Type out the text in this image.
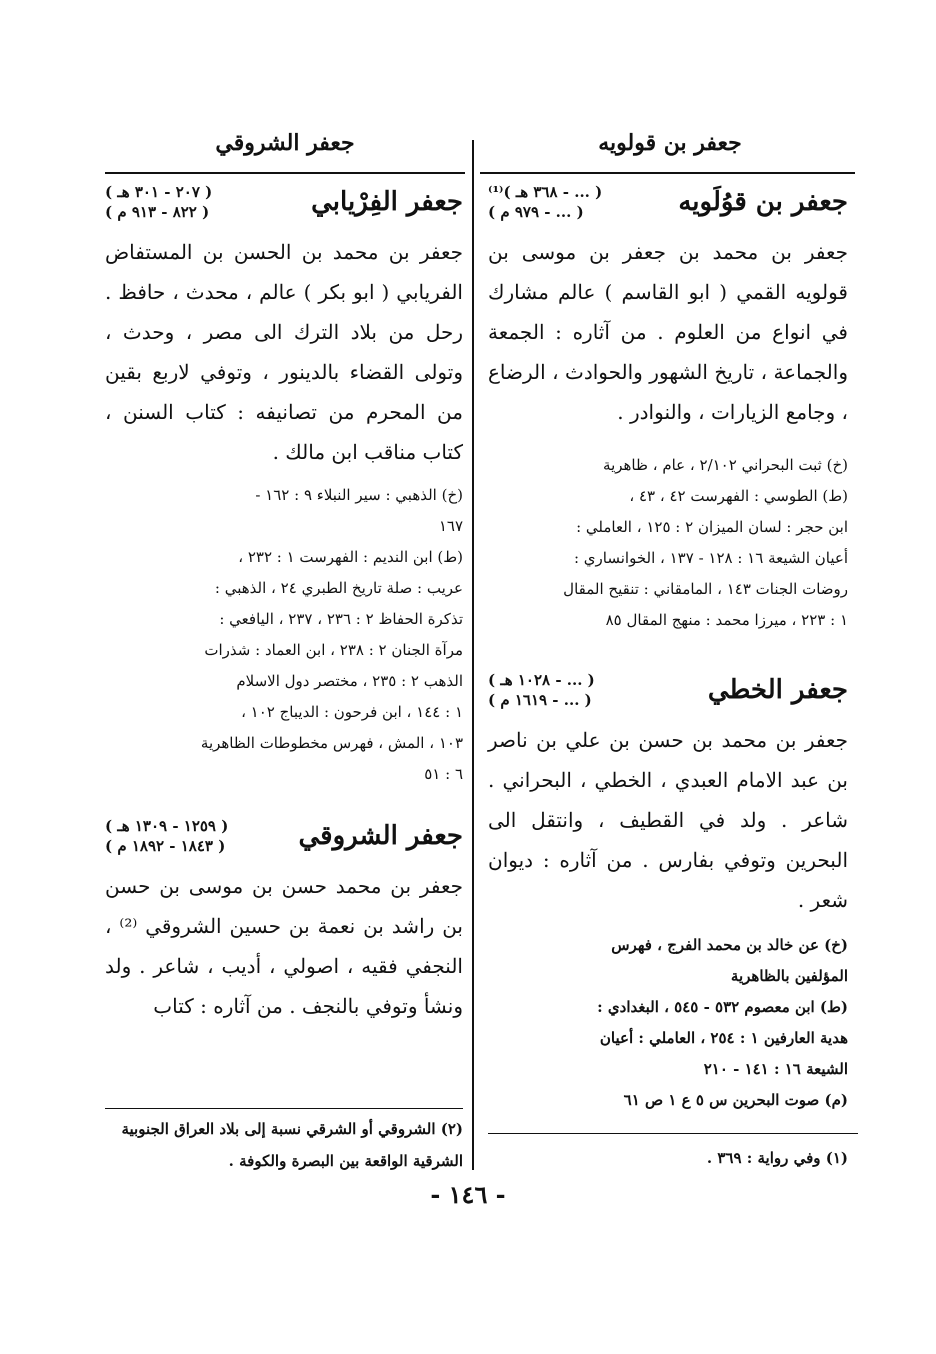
جعفر بن قولويه
جعفر الشروقي
جعفر بن قوُلَويه
( ... - ٣٦٨ هـ )⁽¹⁾
( ... - ٩٧٩ م )

جعفر بن محمد بن جعفر بن موسى بن قولويه القمي ( ابو القاسم ) عالم مشارك في انواع من العلوم . من آثاره : الجمعة والجماعة ، تاريخ الشهور والحوادث ، الرضاع ، وجامع الزيارات ، والنوادر .

(خ) ثبت البحراني ٢/١٠٢ ، عام ، ظاهرية

(ط) الطوسي : الفهرست ٤٢ ، ٤٣ ،

ابن حجر : لسان الميزان ٢ : ١٢٥ ، العاملي :

أعيان الشيعة ١٦ : ١٢٨ - ١٣٧ ، الخوانساري :

روضات الجنات ١٤٣ ، المامقاني : تنقيح المقال

١ : ٢٢٣ ، ميرزا محمد : منهج المقال ٨٥

جعفر الخطي
( ... - ١٠٢٨ هـ )
( ... - ١٦١٩ م )

جعفر بن محمد بن حسن بن علي بن ناصر بن عبد الامام العبدي ، الخطي ، البحراني . شاعر . ولد في القطيف ، وانتقل الى البحرين وتوفي بفارس . من آثاره : ديوان شعر .

(خ) عن خالد بن محمد الفرج ، فهرس

المؤلفين بالظاهرية

(ط) ابن معصوم ٥٣٢ - ٥٤٥ ، البغدادي :

هدية العارفين ١ : ٢٥٤ ، العاملي : أعيان

الشيعة ١٦ : ١٤١ - ٢١٠

(م) صوت البحرين س ٥ ع ١ ص ٦١

جعفر الفِرْيابي
( ٢٠٧ - ٣٠١ هـ )
( ٨٢٢ - ٩١٣ م )

جعفر بن محمد بن الحسن بن المستفاض الفريابي ( ابو بكر ) عالم ، محدث ، حافظ . رحل من بلاد الترك الى مصر ، وحدث ، وتولى القضاء بالدينور ، وتوفي لاربع بقين من المحرم من تصانيفه : كتاب السنن ، كتاب مناقب ابن مالك .

(خ) الذهبي : سير النبلاء ٩ : ١٦٢ -

١٦٧

(ط) ابن النديم : الفهرست ١ : ٢٣٢ ،

عريب : صلة تاريخ الطبري ٢٤ ، الذهبي :

تذكرة الحفاظ ٢ : ٢٣٦ ، ٢٣٧ ، اليافعي :

مرآة الجنان ٢ : ٢٣٨ ، ابن العماد : شذرات

الذهب ٢ : ٢٣٥ ، مختصر دول الاسلام

١ : ١٤٤ ، ابن فرحون : الديباج ١٠٢ ،

١٠٣ ، المش ، فهرس مخطوطات الظاهرية

٦ : ٥١

جعفر الشروقي
( ١٢٥٩ - ١٣٠٩ هـ )
( ١٨٤٣ - ١٨٩٢ م )

جعفر بن محمد حسن بن موسى بن حسن بن راشد بن نعمة بن حسين الشروقي ⁽²⁾ ، النجفي فقيه ، اصولي ، أديب ، شاعر . ولد ونشأ وتوفي بالنجف . من آثاره : كتاب

(١) وفي رواية : ٣٦٩ .
(٢) الشروقي أو الشرقي نسبة إلى بلاد العراق الجنوبية الشرقية الواقعة بين البصرة والكوفة .
- ١٤٦ -
